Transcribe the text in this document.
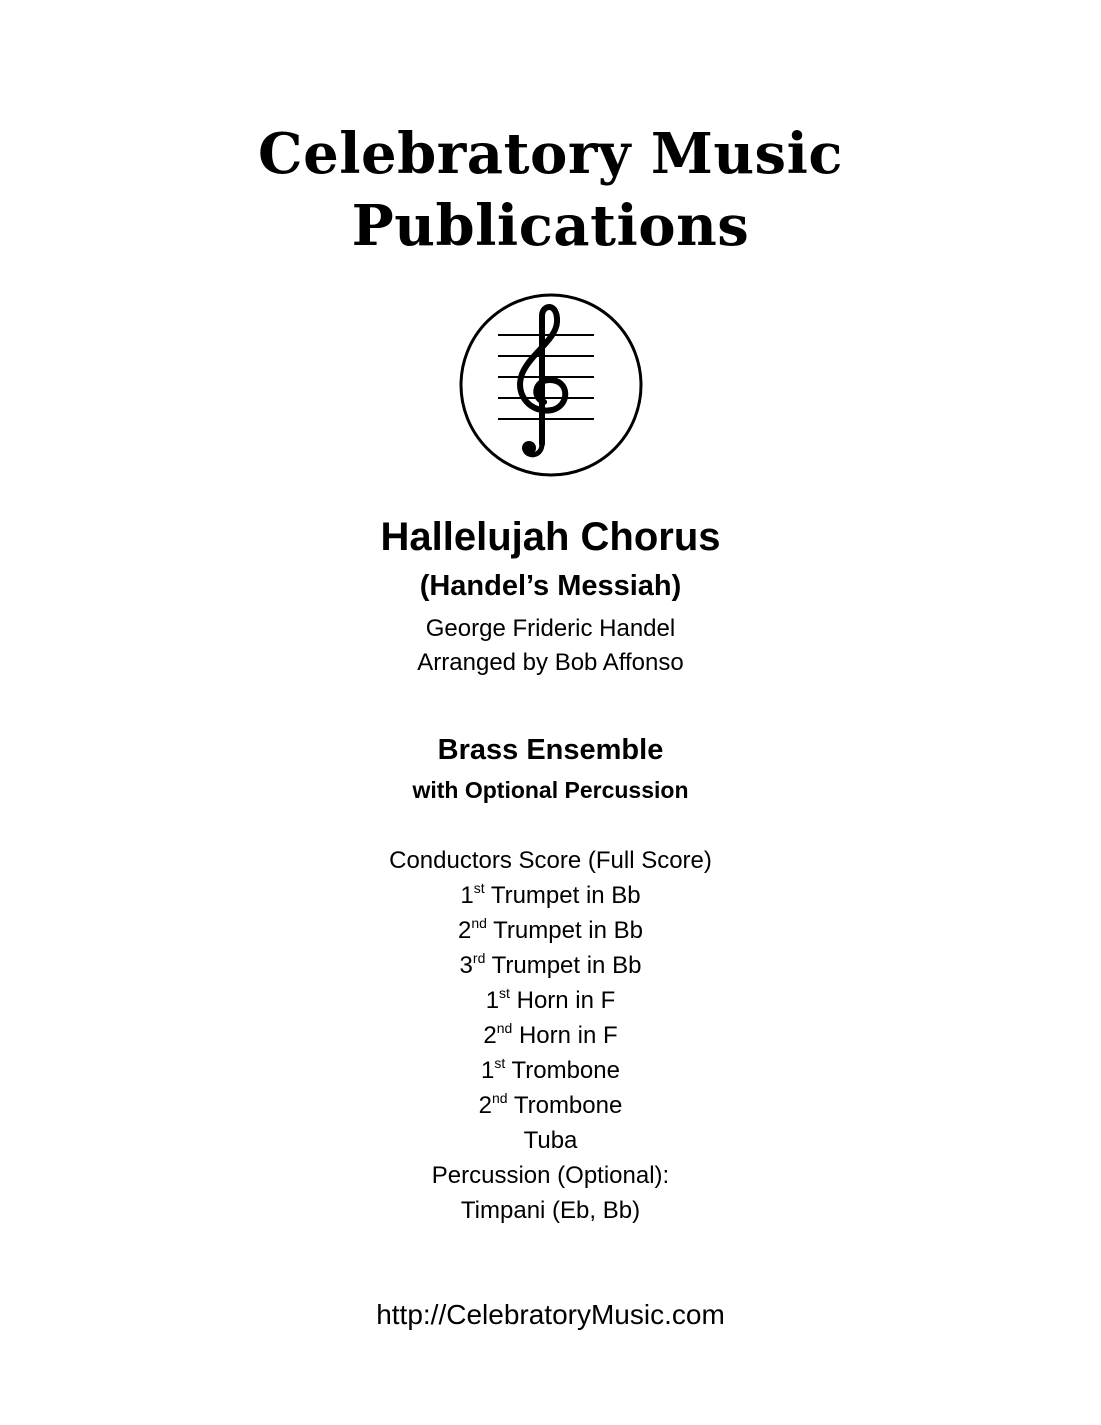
Celebratory Music
Publications
Hallelujah Chorus
(Handel’s Messiah)
George Frideric Handel
Arranged by Bob Affonso
Brass Ensemble
with Optional Percussion
Conductors Score (Full Score)
1st Trumpet in Bb
2nd Trumpet in Bb
3rd Trumpet in Bb
1st Horn in F
2nd Horn in F
1st Trombone
2nd Trombone
Tuba
Percussion (Optional):
Timpani (Eb, Bb)
http://CelebratoryMusic.com
